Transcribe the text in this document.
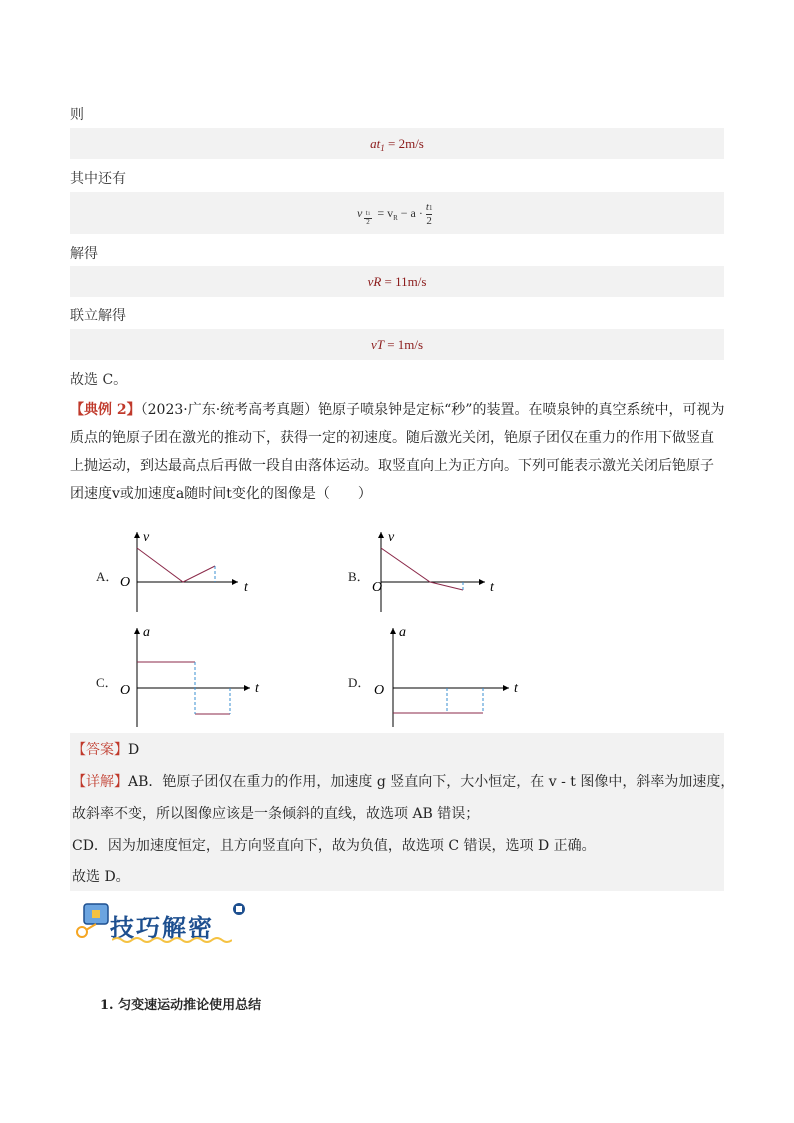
则
$at_1 = 2m/s$
其中还有
v t1
2
= $v_R - a \cdot \frac{t1}{2}$
解得
vR = 11m/s
联立解得
vT = 1m/s
故选 C。
【典例 2】（2023·广东·统考高考真题）铯原子喷泉钟是定标“秒”的装置。在喷泉钟的真空系统中，可视为
质点的铯原子团在激光的推动下，获得一定的初速度。随后激光关闭，铯原子团仅在重力的作用下做竖直
上抛运动，到达最高点后再做一段自由落体运动。取竖直向上为正方向。下列可能表示激光关闭后铯原子
团速度v或加速度a随时间t变化的图像是（　　）
A．	B．
C．	D．
v
t
O
v
t
O
a
t
O
a
t
O
【答案】D
【详解】AB．铯原子团仅在重力的作用，加速度 g 竖直向下，大小恒定，在 v - t 图像中，斜率为加速度，
故斜率不变，所以图像应该是一条倾斜的直线，故选项 AB 错误；
CD．因为加速度恒定，且方向竖直向下，故为负值，故选项 C 错误，选项 D 正确。
故选 D。
技巧解密
1. 匀变速运动推论使用总结
